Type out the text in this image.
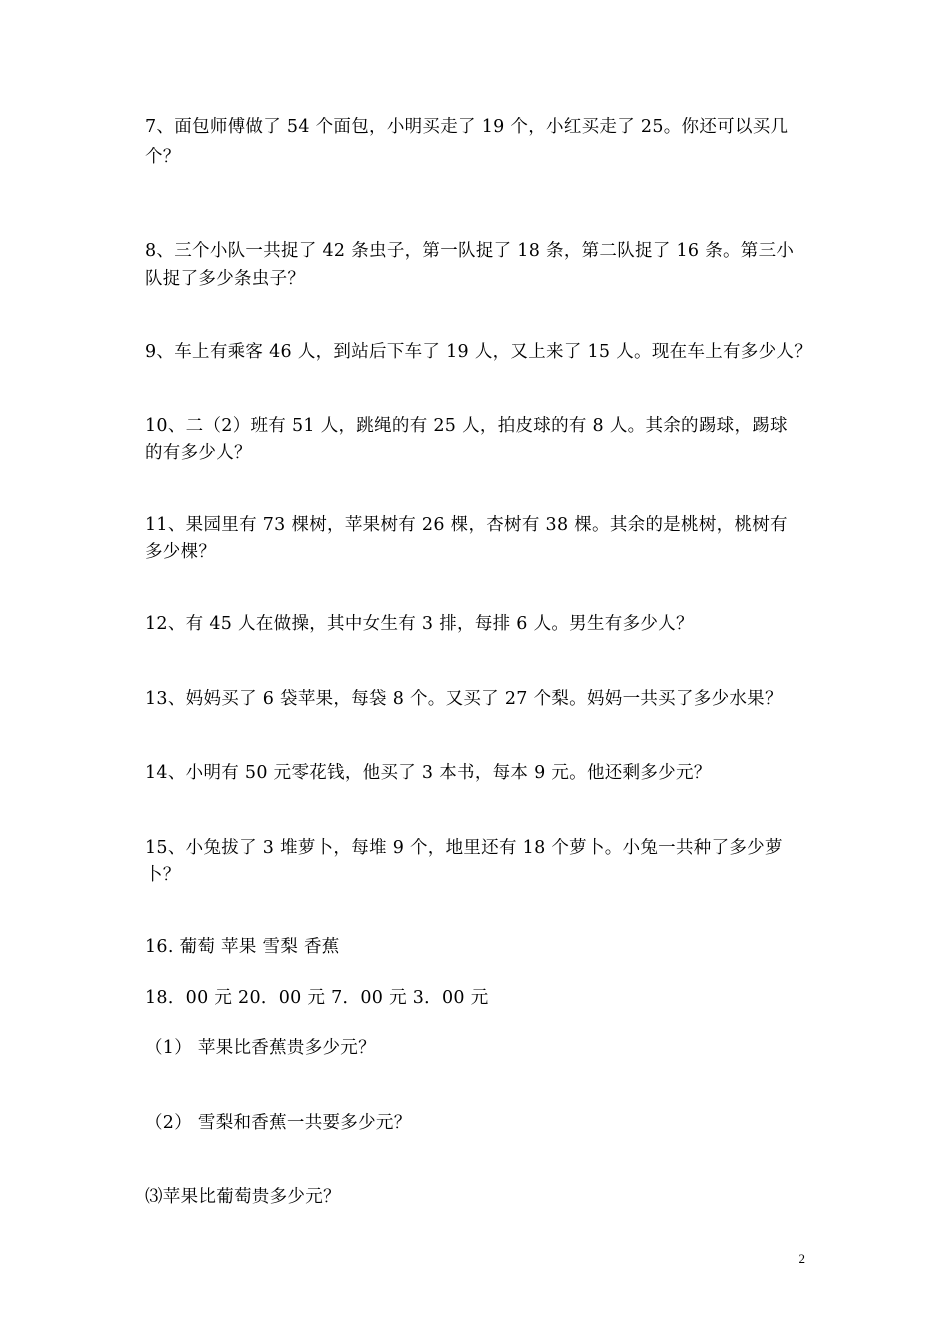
7、面包师傅做了 54 个面包，小明买走了 19 个，小红买走了 25。你还可以买几
个？
8、三个小队一共捉了 42 条虫子，第一队捉了 18 条，第二队捉了 16 条。第三小
队捉了多少条虫子？
9、车上有乘客 46 人，到站后下车了 19 人，又上来了 15 人。现在车上有多少人？
10、二（2）班有 51 人，跳绳的有 25 人，拍皮球的有 8 人。其余的踢球，踢球
的有多少人？
11、果园里有 73 棵树，苹果树有 26 棵，杏树有 38 棵。其余的是桃树，桃树有
多少棵？
12、有 45 人在做操，其中女生有 3 排，每排 6 人。男生有多少人？
13、妈妈买了 6 袋苹果，每袋 8 个。又买了 27 个梨。妈妈一共买了多少水果？
14、小明有 50 元零花钱，他买了 3 本书，每本 9 元。他还剩多少元？
15、小兔拔了 3 堆萝卜，每堆 9 个，地里还有 18 个萝卜。小兔一共种了多少萝
卜？
16. 葡萄 苹果 雪梨 香蕉
18．00 元 20．00 元 7．00 元 3．00 元
（1） 苹果比香蕉贵多少元？
（2） 雪梨和香蕉一共要多少元？
⑶苹果比葡萄贵多少元？
2
